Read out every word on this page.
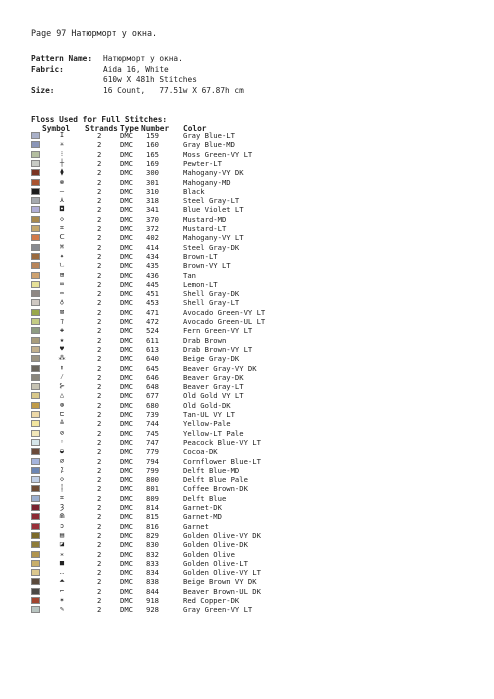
Page 97 Натюрморт у окна.
Pattern Name:	Натюрморт у окна.
Fabric:	Aida 16, White
610w X 481h Stitches
Size:	16 Count,   77.51w X 67.87h cm
Floss Used for Full Stitches:
Symbol Strands Type Number Color
I	2	DMC 159	Gray Blue-LT
✳	2	DMC 160	Gray Blue-MD
⁝	2	DMC 165	Moss Green-VY LT
┼	2	DMC 169	Pewter-LT
⧫	2	DMC 300	Mahogany-VY DK
❁	2	DMC 301	Mahogany-MD
–	2	DMC 310	Black
⋏	2	DMC 318	Steel Gray-LT
◘	2	DMC 341	Blue Violet LT
◇	2	DMC 370	Mustard-MD
⌗	2	DMC 372	Mustard-LT
ᑕ	2	DMC 402	Mahogany-VY LT
⌘	2	DMC 414	Steel Gray-DK
✦	2	DMC 434	Brown-LT
ㄴ	2	DMC 435	Brown-VY LT
⊞	2	DMC 436	Tan
∞	2	DMC 445	Lemon-LT
⇔	2	DMC 451	Shell Gray-DK
♁	2	DMC 453	Shell Gray-LT
⊠	2	DMC 471	Avocado Green-VY LT
⁊	2	DMC 472	Avocado Green-UL LT
✚	2	DMC 524	Fern Green-VY LT
★	2	DMC 611	Drab Brown
♥	2	DMC 613	Drab Brown-VY LT
⁂	2	DMC 640	Beige Gray-DK
⬆	2	DMC 645	Beaver Gray-VY DK
⁄	2	DMC 646	Beaver Gray-DK
⊱	2	DMC 648	Beaver Gray-LT
△	2	DMC 677	Old Gold VY LT
⊛	2	DMC 680	Old Gold-DK
⊏	2	DMC 739	Tan-UL VY LT
≚	2	DMC 744	Yellow-Pale
⊘	2	DMC 745	Yellow-LT Pale
◦	2	DMC 747	Peacock Blue-VY LT
◒	2	DMC 779	Cocoa-DK
∅	2	DMC 794	Cornflower Blue-LT
⁒	2	DMC 799	Delft Blue-MD
◇	2	DMC 800	Delft Blue Pale
⸽	2	DMC 801	Coffee Brown-DK
⌗	2	DMC 809	Delft Blue
Ȝ	2	DMC 814	Garnet-DK
⋒	2	DMC 815	Garnet-MD
ↄ	2	DMC 816	Garnet
▤	2	DMC 829	Golden Olive-VY DK
◪	2	DMC 830	Golden Olive-DK
⁎	2	DMC 832	Golden Olive
■	2	DMC 833	Golden Olive-LT
‥	2	DMC 834	Golden Olive-VY LT
⏶	2	DMC 838	Beige Brown VY DK
⌐	2	DMC 844	Beaver Brown-UL DK
✶	2	DMC 918	Red Copper-DK
✎	2	DMC 928	Gray Green-VY LT
